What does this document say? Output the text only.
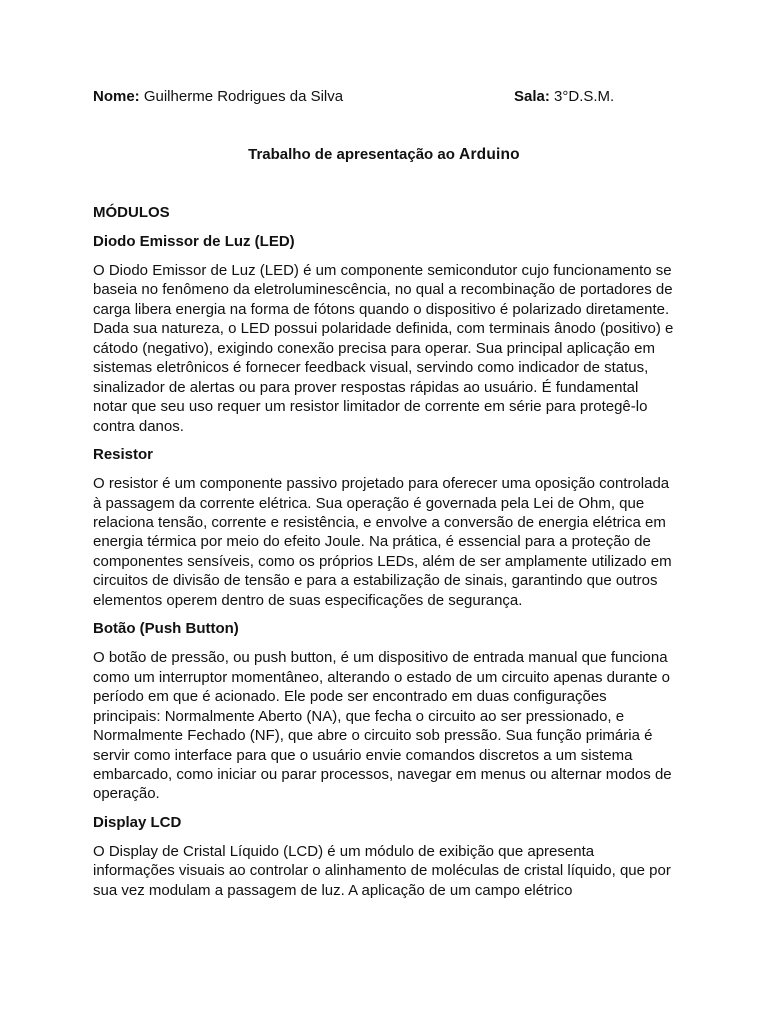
Nome: Guilherme Rodrigues da Silva	Sala: 3°D.S.M.
Trabalho de apresentação ao Arduino
MÓDULOS
Diodo Emissor de Luz (LED)
O Diodo Emissor de Luz (LED) é um componente semicondutor cujo funcionamento se baseia no fenômeno da eletroluminescência, no qual a recombinação de portadores de carga libera energia na forma de fótons quando o dispositivo é polarizado diretamente. Dada sua natureza, o LED possui polaridade definida, com terminais ânodo (positivo) e cátodo (negativo), exigindo conexão precisa para operar. Sua principal aplicação em sistemas eletrônicos é fornecer feedback visual, servindo como indicador de status, sinalizador de alertas ou para prover respostas rápidas ao usuário. É fundamental notar que seu uso requer um resistor limitador de corrente em série para protegê-lo contra danos.
Resistor
O resistor é um componente passivo projetado para oferecer uma oposição controlada à passagem da corrente elétrica. Sua operação é governada pela Lei de Ohm, que relaciona tensão, corrente e resistência, e envolve a conversão de energia elétrica em energia térmica por meio do efeito Joule. Na prática, é essencial para a proteção de componentes sensíveis, como os próprios LEDs, além de ser amplamente utilizado em circuitos de divisão de tensão e para a estabilização de sinais, garantindo que outros elementos operem dentro de suas especificações de segurança.
Botão (Push Button)
O botão de pressão, ou push button, é um dispositivo de entrada manual que funciona como um interruptor momentâneo, alterando o estado de um circuito apenas durante o período em que é acionado. Ele pode ser encontrado em duas configurações principais: Normalmente Aberto (NA), que fecha o circuito ao ser pressionado, e Normalmente Fechado (NF), que abre o circuito sob pressão. Sua função primária é servir como interface para que o usuário envie comandos discretos a um sistema embarcado, como iniciar ou parar processos, navegar em menus ou alternar modos de operação.
Display LCD
O Display de Cristal Líquido (LCD) é um módulo de exibição que apresenta informações visuais ao controlar o alinhamento de moléculas de cristal líquido, que por sua vez modulam a passagem de luz. A aplicação de um campo elétrico
